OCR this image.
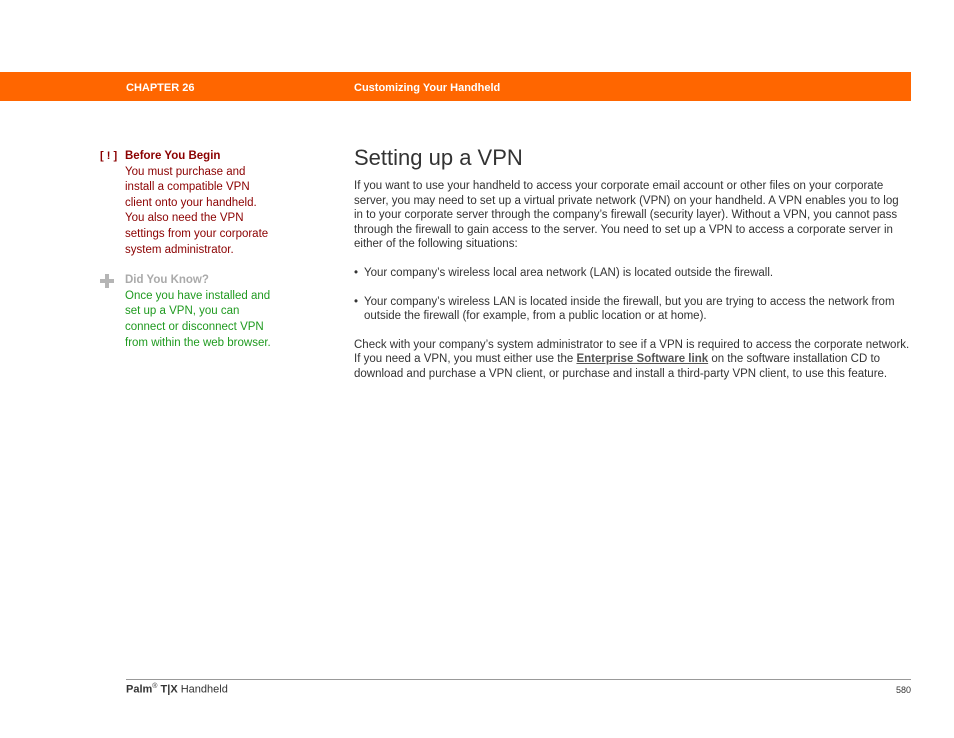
CHAPTER 26	Customizing Your Handheld
[ ! ] Before You Begin
You must purchase and install a compatible VPN client onto your handheld. You also need the VPN settings from your corporate system administrator.
Did You Know?
Once you have installed and set up a VPN, you can connect or disconnect VPN from within the web browser.
Setting up a VPN

If you want to use your handheld to access your corporate email account or other files on your corporate server, you may need to set up a virtual private network (VPN) on your handheld. A VPN enables you to log in to your corporate server through the company’s firewall (security layer). Without a VPN, you cannot pass through the firewall to gain access to the server. You need to set up a VPN to access a corporate server in either of the following situations:

• Your company’s wireless local area network (LAN) is located outside the firewall.
• Your company’s wireless LAN is located inside the firewall, but you are trying to access the network from outside the firewall (for example, from a public location or at home).

Check with your company’s system administrator to see if a VPN is required to access the corporate network. If you need a VPN, you must either use the Enterprise Software link on the software installation CD to download and purchase a VPN client, or purchase and install a third-party VPN client, to use this feature.

Palm® T|X Handheld	580
